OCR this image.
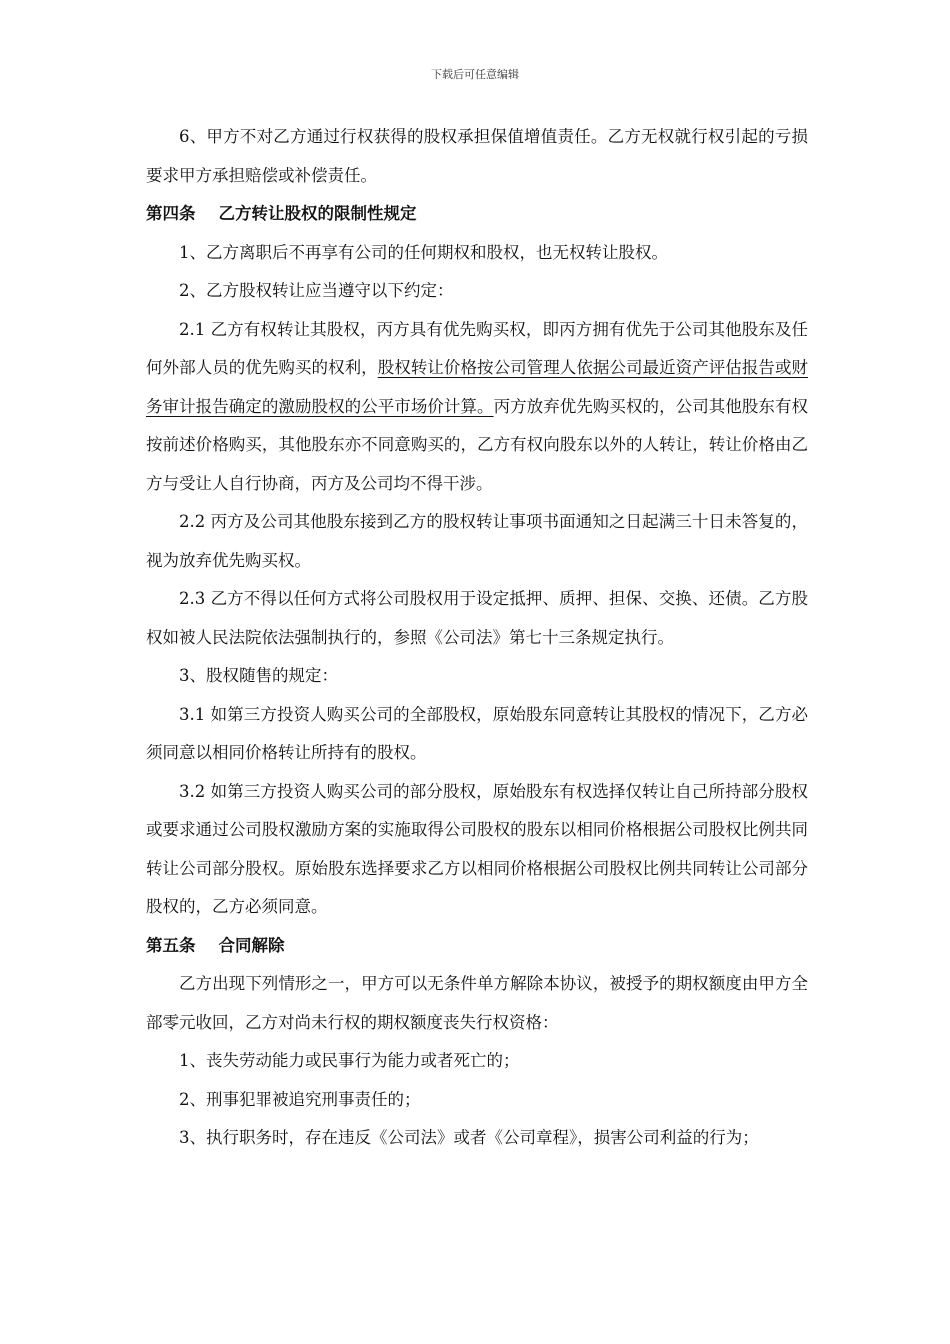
下载后可任意编辑

6、甲方不对乙方通过行权获得的股权承担保值增值责任。乙方无权就行权引起的亏损要求甲方承担赔偿或补偿责任。

第四条    乙方转让股权的限制性规定

1、乙方离职后不再享有公司的任何期权和股权，也无权转让股权。

2、乙方股权转让应当遵守以下约定：

2.1 乙方有权转让其股权，丙方具有优先购买权，即丙方拥有优先于公司其他股东及任何外部人员的优先购买的权利，股权转让价格按公司管理人依据公司最近资产评估报告或财务审计报告确定的激励股权的公平市场价计算。丙方放弃优先购买权的，公司其他股东有权按前述价格购买，其他股东亦不同意购买的，乙方有权向股东以外的人转让，转让价格由乙方与受让人自行协商，丙方及公司均不得干涉。

2.2 丙方及公司其他股东接到乙方的股权转让事项书面通知之日起满三十日未答复的，视为放弃优先购买权。

2.3 乙方不得以任何方式将公司股权用于设定抵押、质押、担保、交换、还债。乙方股权如被人民法院依法强制执行的，参照《公司法》第七十三条规定执行。

3、股权随售的规定：

3.1 如第三方投资人购买公司的全部股权，原始股东同意转让其股权的情况下，乙方必须同意以相同价格转让所持有的股权。

3.2 如第三方投资人购买公司的部分股权，原始股东有权选择仅转让自己所持部分股权或要求通过公司股权激励方案的实施取得公司股权的股东以相同价格根据公司股权比例共同转让公司部分股权。原始股东选择要求乙方以相同价格根据公司股权比例共同转让公司部分股权的，乙方必须同意。

第五条    合同解除

乙方出现下列情形之一，甲方可以无条件单方解除本协议，被授予的期权额度由甲方全部零元收回，乙方对尚未行权的期权额度丧失行权资格：

1、丧失劳动能力或民事行为能力或者死亡的；

2、刑事犯罪被追究刑事责任的；

3、执行职务时，存在违反《公司法》或者《公司章程》，损害公司利益的行为；
